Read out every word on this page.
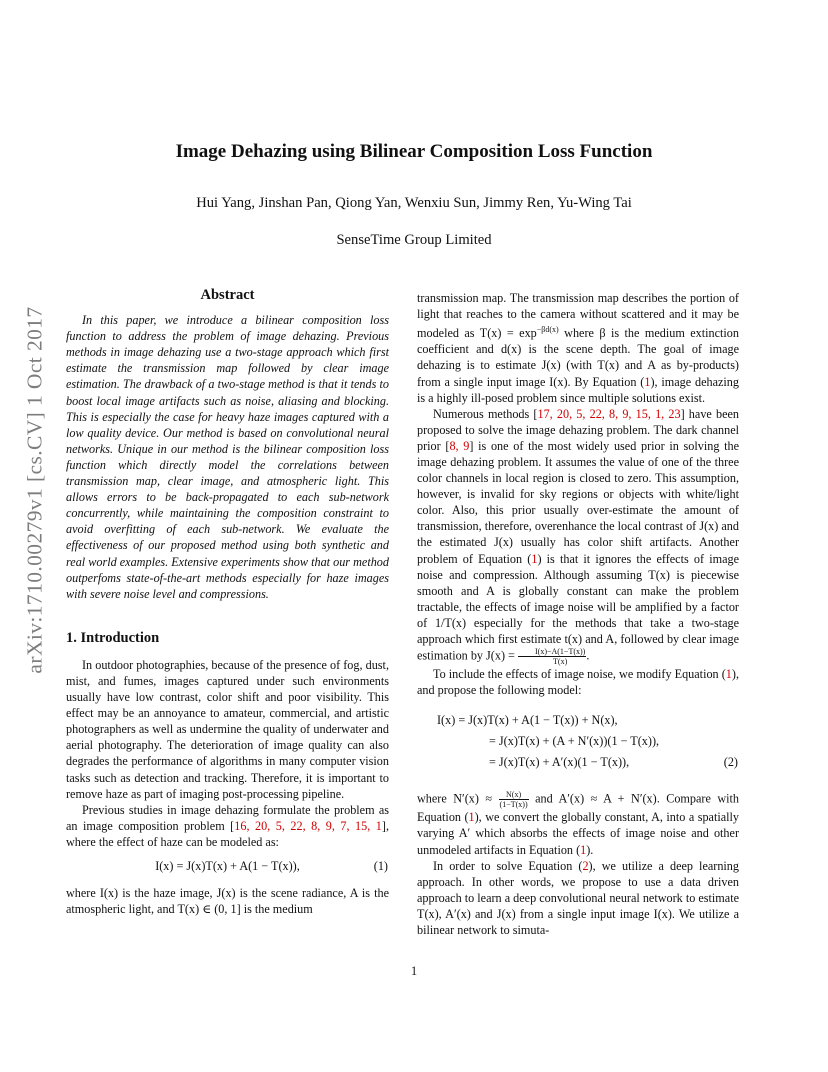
Image Dehazing using Bilinear Composition Loss Function
Hui Yang, Jinshan Pan, Qiong Yan, Wenxiu Sun, Jimmy Ren, Yu-Wing Tai
SenseTime Group Limited
arXiv:1710.00279v1 [cs.CV] 1 Oct 2017
Abstract

In this paper, we introduce a bilinear composition loss function to address the problem of image dehazing. Previous methods in image dehazing use a two-stage approach which first estimate the transmission map followed by clear image estimation. The drawback of a two-stage method is that it tends to boost local image artifacts such as noise, aliasing and blocking. This is especially the case for heavy haze images captured with a low quality device. Our method is based on convolutional neural networks. Unique in our method is the bilinear composition loss function which directly model the correlations between transmission map, clear image, and atmospheric light. This allows errors to be back-propagated to each sub-network concurrently, while maintaining the composition constraint to avoid overfitting of each sub-network. We evaluate the effectiveness of our proposed method using both synthetic and real world examples. Extensive experiments show that our method outperfoms state-of-the-art methods especially for haze images with severe noise level and compressions.

1. Introduction

In outdoor photographies, because of the presence of fog, dust, mist, and fumes, images captured under such environments usually have low contrast, color shift and poor visibility. This effect may be an annoyance to amateur, commercial, and artistic photographers as well as undermine the quality of underwater and aerial photography. The deterioration of image quality can also degrades the performance of algorithms in many computer vision tasks such as detection and tracking. Therefore, it is important to remove haze as part of imaging post-processing pipeline.

Previous studies in image dehazing formulate the problem as an image composition problem [16, 20, 5, 22, 8, 9, 7, 15, 1], where the effect of haze can be modeled as:

I(x) = J(x)T(x) + A(1 − T(x)),	(1)

where I(x) is the haze image, J(x) is the scene radiance, A is the atmospheric light, and T(x) ∈ (0, 1] is the medium

transmission map. The transmission map describes the portion of light that reaches to the camera without scattered and it may be modeled as $T(x) = \exp^{-\beta d(x)}$ where β is the medium extinction coefficient and d(x) is the scene depth. The goal of image dehazing is to estimate J(x) (with T(x) and A as by-products) from a single input image I(x). By Equation (1), image dehazing is a highly ill-posed problem since multiple solutions exist.

Numerous methods [17, 20, 5, 22, 8, 9, 15, 1, 23] have been proposed to solve the image dehazing problem. The dark channel prior [8, 9] is one of the most widely used prior in solving the image dehazing problem. It assumes the value of one of the three color channels in local region is closed to zero. This assumption, however, is invalid for sky regions or objects with white/light color. Also, this prior usually over-estimate the amount of transmission, therefore, overenhance the local contrast of J(x) and the estimated J(x) usually has color shift artifacts. Another problem of Equation (1) is that it ignores the effects of image noise and compression. Although assuming T(x) is piecewise smooth and A is globally constant can make the problem tractable, the effects of image noise will be amplified by a factor of 1/T(x) especially for the methods that take a two-stage approach which first estimate t(x) and A, followed by clear image estimation by $J(x) = \frac{I(x)-A(1-T(x))}{T(x)}$ .

To include the effects of image noise, we modify Equation (1), and propose the following model:

I(x) = J(x)T(x) + A(1 − T(x)) + N(x),
= J(x)T(x) + (A + N′(x))(1 − T(x)),
= J(x)T(x) + A′(x)(1 − T(x)),	(2)

where $N'(x) \approx \frac{N(x)}{(1-T(x))}$ and A′(x) ≈ A + N′(x). Compare with Equation (1), we convert the globally constant, A, into a spatially varying A′ which absorbs the effects of image noise and other unmodeled artifacts in Equation (1).

In order to solve Equation (2), we utilize a deep learning approach. In other words, we propose to use a data driven approach to learn a deep convolutional neural network to estimate T(x), A′(x) and J(x) from a single input image I(x). We utilize a bilinear network to simuta-

1
